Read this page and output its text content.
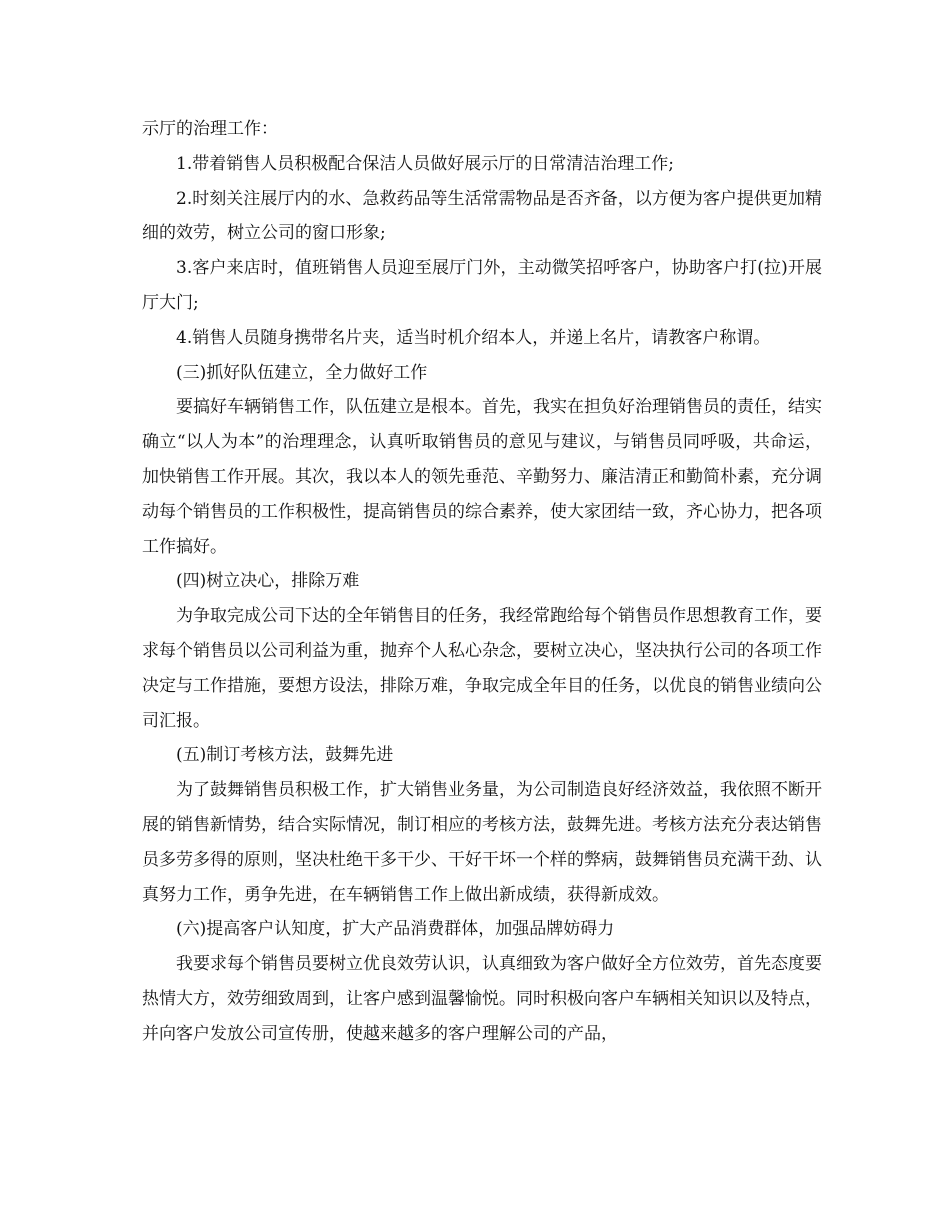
示厅的治理工作：

1.带着销售人员积极配合保洁人员做好展示厅的日常清洁治理工作;

2.时刻关注展厅内的水、急救药品等生活常需物品是否齐备，以方便为客户提供更加精细的效劳，树立公司的窗口形象;

3.客户来店时，值班销售人员迎至展厅门外，主动微笑招呼客户，协助客户打(拉)开展厅大门;

4.销售人员随身携带名片夹，适当时机介绍本人，并递上名片，请教客户称谓。

(三)抓好队伍建立，全力做好工作

要搞好车辆销售工作，队伍建立是根本。首先，我实在担负好治理销售员的责任，结实确立“以人为本”的治理理念，认真听取销售员的意见与建议，与销售员同呼吸，共命运，加快销售工作开展。其次，我以本人的领先垂范、辛勤努力、廉洁清正和勤简朴素，充分调动每个销售员的工作积极性，提高销售员的综合素养，使大家团结一致，齐心协力，把各项工作搞好。

(四)树立决心，排除万难

为争取完成公司下达的全年销售目的任务，我经常跑给每个销售员作思想教育工作，要求每个销售员以公司利益为重，抛弃个人私心杂念，要树立决心，坚决执行公司的各项工作决定与工作措施，要想方设法，排除万难，争取完成全年目的任务，以优良的销售业绩向公司汇报。

(五)制订考核方法，鼓舞先进

为了鼓舞销售员积极工作，扩大销售业务量，为公司制造良好经济效益，我依照不断开展的销售新情势，结合实际情况，制订相应的考核方法，鼓舞先进。考核方法充分表达销售员多劳多得的原则，坚决杜绝干多干少、干好干坏一个样的弊病，鼓舞销售员充满干劲、认真努力工作，勇争先进，在车辆销售工作上做出新成绩，获得新成效。

(六)提高客户认知度，扩大产品消费群体，加强品牌妨碍力

我要求每个销售员要树立优良效劳认识，认真细致为客户做好全方位效劳，首先态度要热情大方，效劳细致周到，让客户感到温馨愉悦。同时积极向客户车辆相关知识以及特点，并向客户发放公司宣传册，使越来越多的客户理解公司的产品，
